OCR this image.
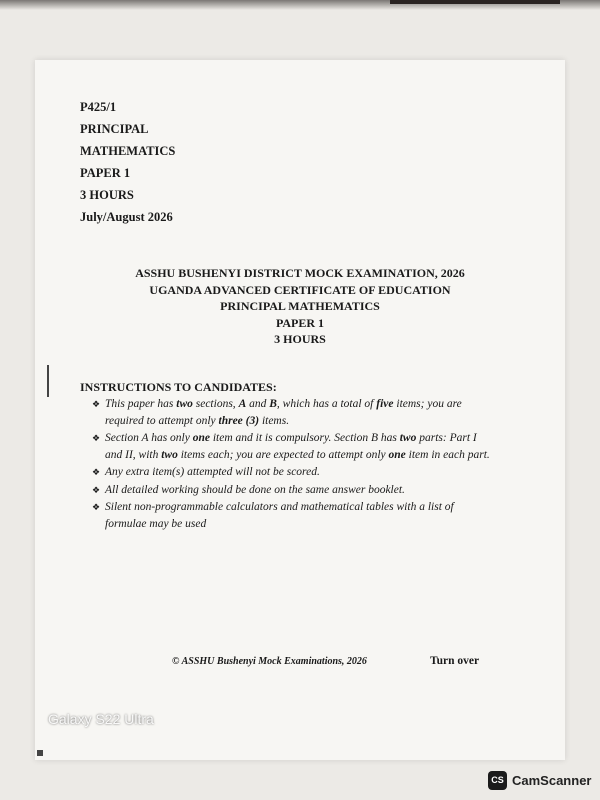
P425/1
PRINCIPAL
MATHEMATICS
PAPER 1
3 HOURS
July/August 2026
ASSHU BUSHENYI DISTRICT MOCK EXAMINATION, 2026
UGANDA ADVANCED CERTIFICATE OF EDUCATION
PRINCIPAL MATHEMATICS
PAPER 1
3 HOURS
INSTRUCTIONS TO CANDIDATES:
❖ This paper has two sections, A and B, which has a total of five items; you are required to attempt only three (3) items.
❖ Section A has only one item and it is compulsory. Section B has two parts: Part I and II, with two items each; you are expected to attempt only one item in each part.
❖ Any extra item(s) attempted will not be scored.
❖ All detailed working should be done on the same answer booklet.
❖ Silent non-programmable calculators and mathematical tables with a list of formulae may be used
© ASSHU Bushenyi Mock Examinations, 2026	Turn over
Galaxy S22 Ultra
CS CamScanner
